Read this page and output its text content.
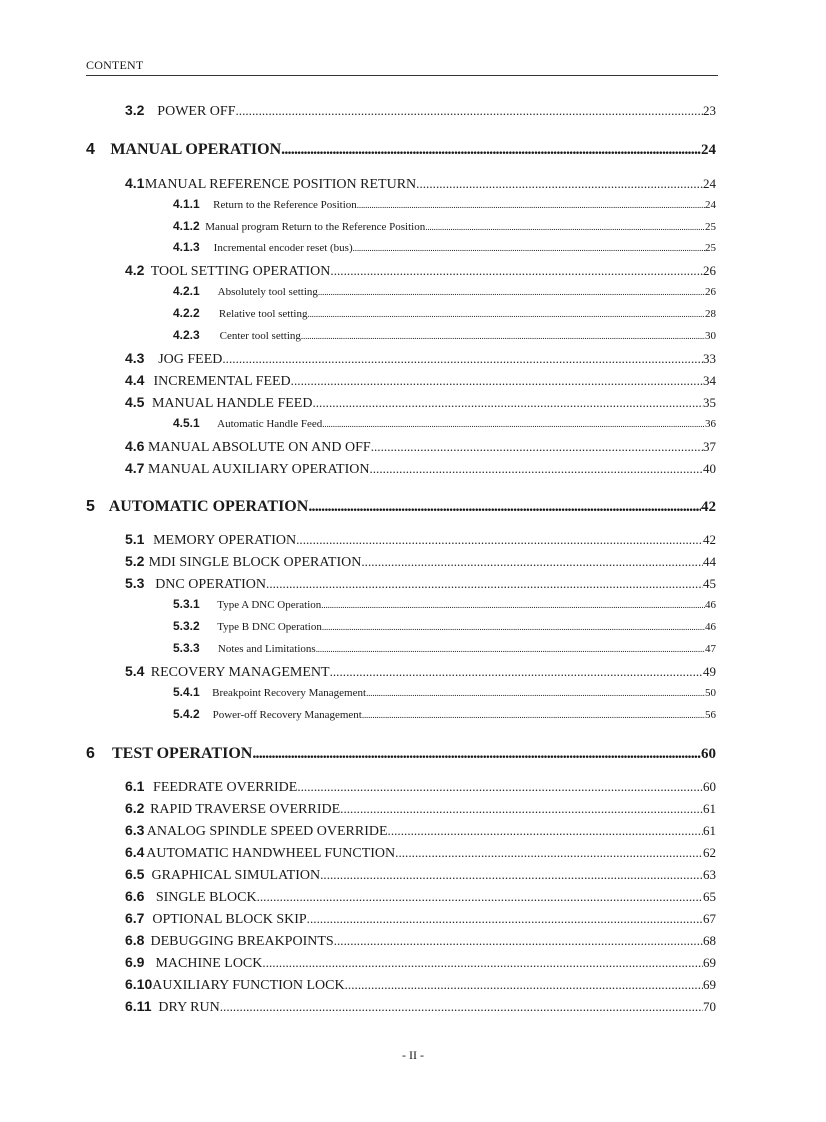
CONTENT
3.2 POWER OFF . . .	23
4 MANUAL OPERATION . . .	24
4.1 MANUAL REFERENCE POSITION RETURN . . .	24
4.1.1	Return to the Reference Position . . .	24
4.1.2 Manual program Return to the Reference Position . . .	25
4.1.3	Incremental encoder reset (bus) . . .	25
4.2 TOOL SETTING OPERATION . . .	26
4.2.1	Absolutely tool setting . . .	26
4.2.2	Relative tool setting . . .	28
4.2.3	Center tool setting . . .	30
4.3 JOG FEED . . .	33
4.4 INCREMENTAL FEED . . .	34
4.5 MANUAL HANDLE FEED . . .	35
4.5.1	Automatic Handle Feed . . .	36
4.6 MANUAL ABSOLUTE ON AND OFF . . .	37
4.7 MANUAL AUXILIARY OPERATION . . .	40
5 AUTOMATIC OPERATION . . .	42
5.1 MEMORY OPERATION . . .	42
5.2 MDI SINGLE BLOCK OPERATION . . .	44
5.3 DNC OPERATION . . .	45
5.3.1	Type A DNC Operation . . .	46
5.3.2	Type B DNC Operation . . .	46
5.3.3	Notes and Limitations . . .	47
5.4 RECOVERY MANAGEMENT . . .	49
5.4.1	Breakpoint Recovery Management . . .	50
5.4.2	Power-off Recovery Management . . .	56
6	TEST OPERATION . . .	60
6.1 FEEDRATE OVERRIDE . . .	60
6.2 RAPID TRAVERSE OVERRIDE . . .	61
6.3 ANALOG SPINDLE SPEED OVERRIDE . . .	61
6.4 AUTOMATIC HANDWHEEL FUNCTION . . .	62
6.5 GRAPHICAL SIMULATION . . .	63
6.6 SINGLE BLOCK . . .	65
6.7 OPTIONAL BLOCK SKIP . . .	67
6.8 DEBUGGING BREAKPOINTS . . .	68
6.9 MACHINE LOCK . . .	69
6.10 AUXILIARY FUNCTION LOCK . . .	69
6.11 DRY RUN . . .	70
- II -
